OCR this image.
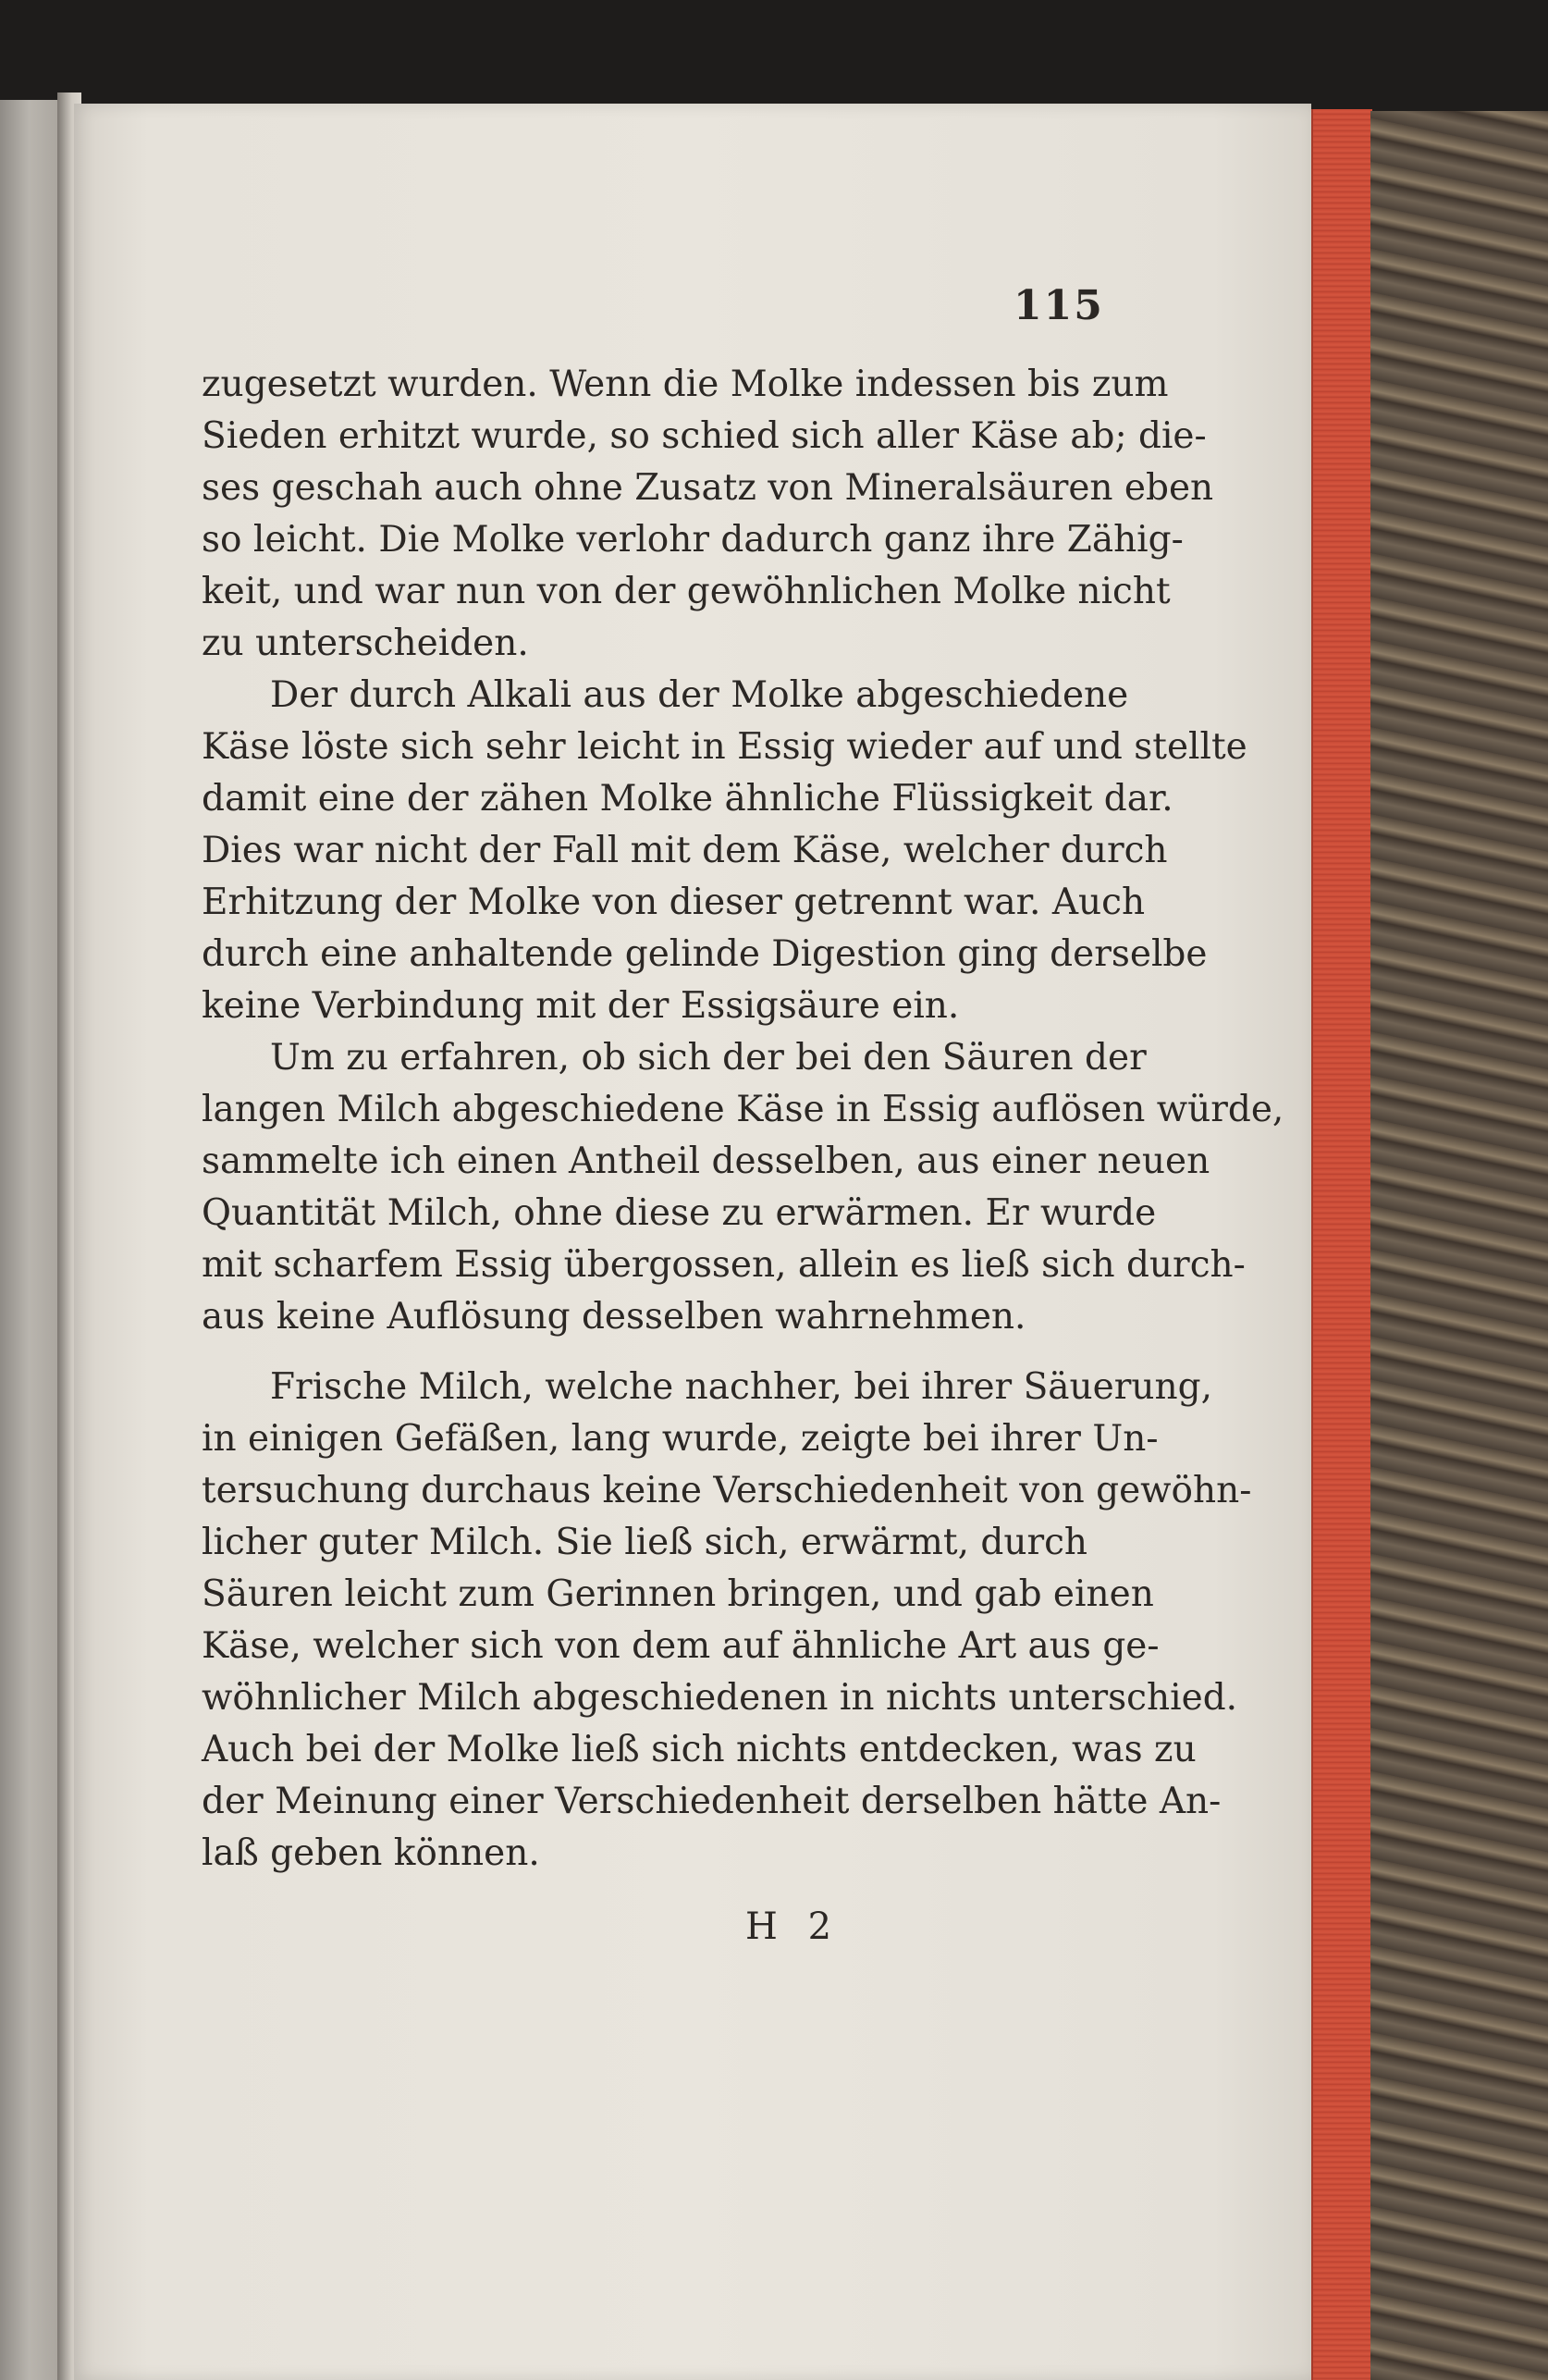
115
zugesetzt wurden. Wenn die Molke indessen bis zum
Sieden erhitzt wurde, so schied sich aller Käse ab; die-
ses geschah auch ohne Zusatz von Mineralsäuren eben
so leicht. Die Molke verlohr dadurch ganz ihre Zähig-
keit, und war nun von der gewöhnlichen Molke nicht
zu unterscheiden.
Der durch Alkali aus der Molke abgeschiedene
Käse löste sich sehr leicht in Essig wieder auf und stellte
damit eine der zähen Molke ähnliche Flüssigkeit dar.
Dies war nicht der Fall mit dem Käse, welcher durch
Erhitzung der Molke von dieser getrennt war. Auch
durch eine anhaltende gelinde Digestion ging derselbe
keine Verbindung mit der Essigsäure ein.
Um zu erfahren, ob sich der bei den Säuren der
langen Milch abgeschiedene Käse in Essig auflösen würde,
sammelte ich einen Antheil desselben, aus einer neuen
Quantität Milch, ohne diese zu erwärmen. Er wurde
mit scharfem Essig übergossen, allein es ließ sich durch-
aus keine Auflösung desselben wahrnehmen.
Frische Milch, welche nachher, bei ihrer Säuerung,
in einigen Gefäßen, lang wurde, zeigte bei ihrer Un-
tersuchung durchaus keine Verschiedenheit von gewöhn-
licher guter Milch. Sie ließ sich, erwärmt, durch
Säuren leicht zum Gerinnen bringen, und gab einen
Käse, welcher sich von dem auf ähnliche Art aus ge-
wöhnlicher Milch abgeschiedenen in nichts unterschied.
Auch bei der Molke ließ sich nichts entdecken, was zu
der Meinung einer Verschiedenheit derselben hätte An-
laß geben können.
H 2
